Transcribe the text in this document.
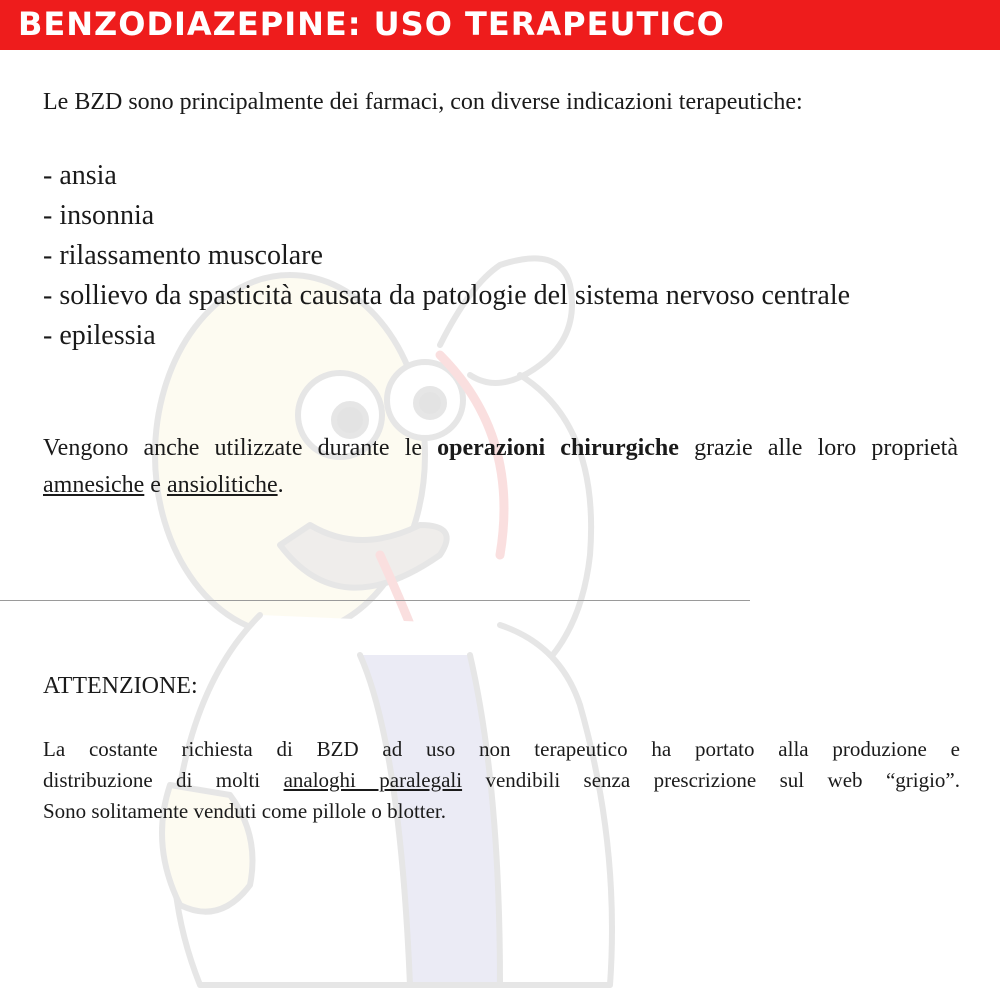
BENZODIAZEPINE: USO TERAPEUTICO
Le BZD sono principalmente dei farmaci, con diverse indicazioni terapeutiche:
- ansia
- insonnia
- rilassamento muscolare
- sollievo da spasticità causata da patologie del sistema nervoso centrale
- epilessia
Vengono anche utilizzate durante le operazioni chirurgiche grazie alle loro proprietà amnesiche e ansiolitiche.
ATTENZIONE:
La costante richiesta di BZD ad uso non terapeutico ha portato alla produzione e
distribuzione di molti analoghi paralegali vendibili senza prescrizione sul web “grigio”.
Sono solitamente venduti come pillole o blotter.
